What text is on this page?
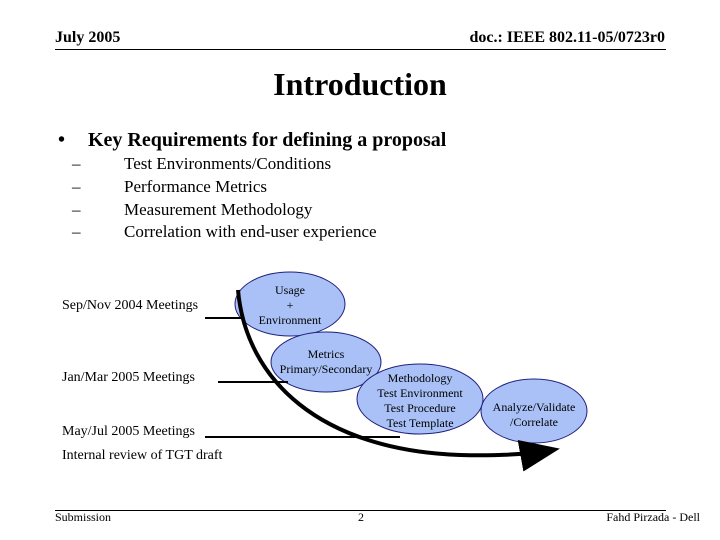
July 2005	doc.: IEEE 802.11-05/0723r0
Introduction
• Key Requirements for defining a proposal
–	Test Environments/Conditions
–	Performance Metrics
–	Measurement Methodology
–	Correlation with end-user experience
Sep/Nov 2004 Meetings
Jan/Mar 2005 Meetings
May/Jul 2005 Meetings
Internal review of TGT draft
Usage
+
Environment
Metrics
Primary/Secondary
Methodology
Test Environment
Test Procedure
Test Template
Analyze/Validate
/Correlate
Submission	2	Fahd Pirzada - Dell
